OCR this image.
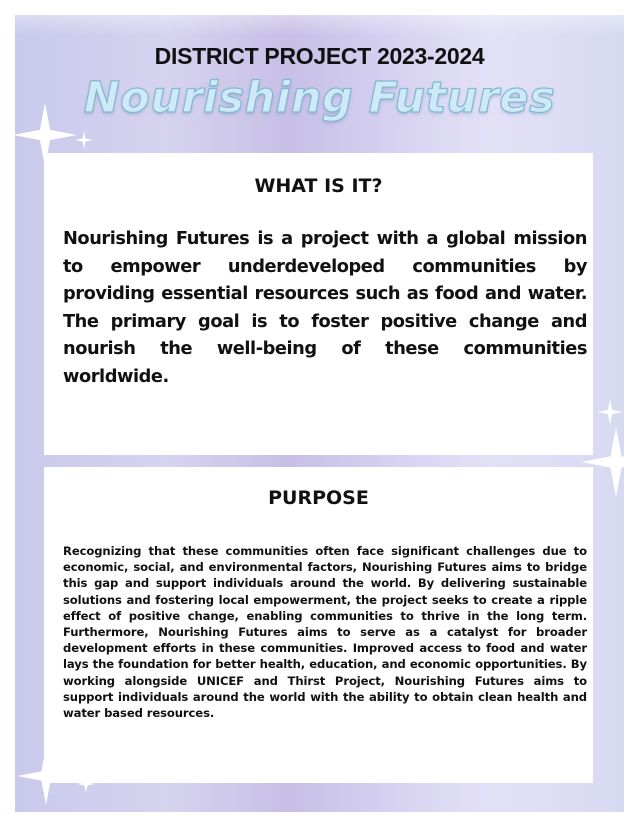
DISTRICT PROJECT 2023-2024
Nourishing Futures
WHAT IS IT?
Nourishing Futures is a project with a global mission to empower underdeveloped communities by providing essential resources such as food and water. The primary goal is to foster positive change and nourish the well-being of these communities worldwide.
PURPOSE
Recognizing that these communities often face significant challenges due to economic, social, and environmental factors, Nourishing Futures aims to bridge this gap and support individuals around the world. By delivering sustainable solutions and fostering local empowerment, the project seeks to create a ripple effect of positive change, enabling communities to thrive in the long term. Furthermore, Nourishing Futures aims to serve as a catalyst for broader development efforts in these communities. Improved access to food and water lays the foundation for better health, education, and economic opportunities. By working alongside UNICEF and Thirst Project, Nourishing Futures aims to support individuals around the world with the ability to obtain clean health and water based resources.
